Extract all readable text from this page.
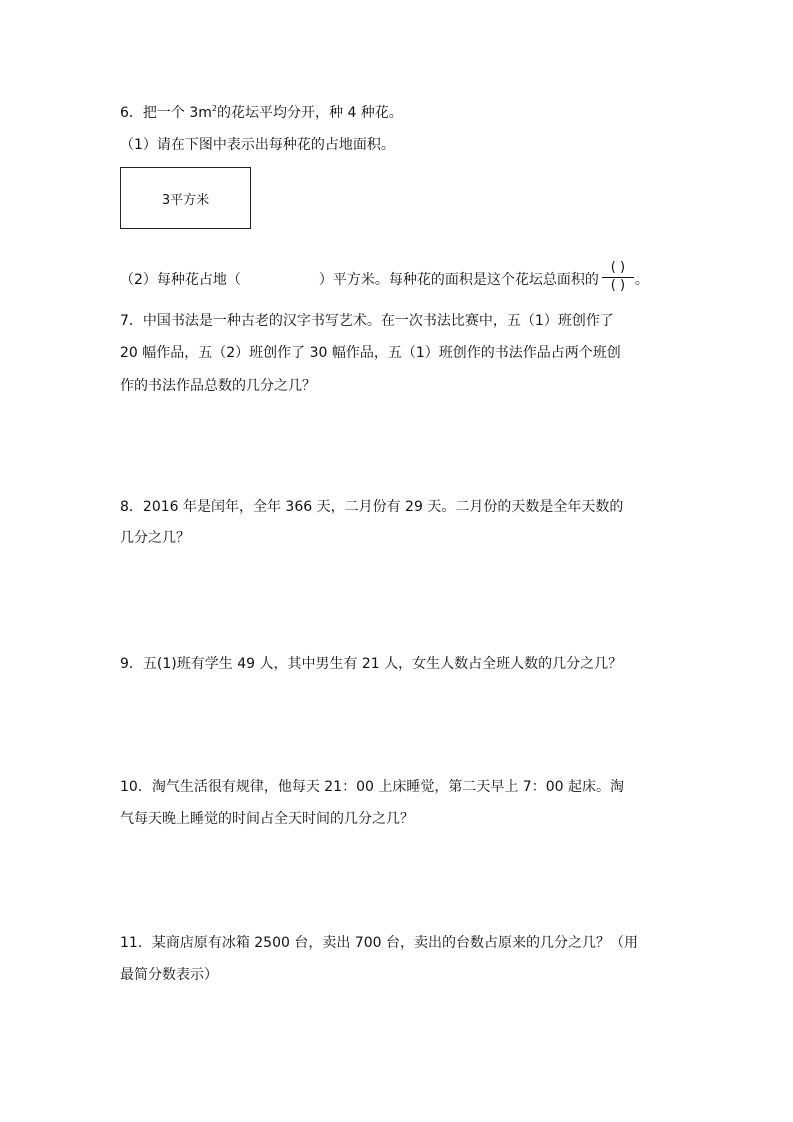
6．把一个 $3m^2$的花坛平均分开，种 4 种花。
（1）请在下图中表示出每种花的占地面积。
3平方米
（2）每种花占地（	）平方米。每种花的面积是这个花坛总面积的 $\frac{( )}{( )}$ 。
7．中国书法是一种古老的汉字书写艺术。在一次书法比赛中，五（1）班创作了
20 幅作品，五（2）班创作了 30 幅作品，五（1）班创作的书法作品占两个班创
作的书法作品总数的几分之几？
8．2016 年是闰年，全年 366 天，二月份有 29 天。二月份的天数是全年天数的
几分之几？
9．五(1)班有学生 49 人，其中男生有 21 人，女生人数占全班人数的几分之几？
10．淘气生活很有规律，他每天 21：00 上床睡觉，第二天早上 7：00 起床。淘
气每天晚上睡觉的时间占全天时间的几分之几？
11．某商店原有冰箱 2500 台，卖出 700 台，卖出的台数占原来的几分之几？（用
最简分数表示）
